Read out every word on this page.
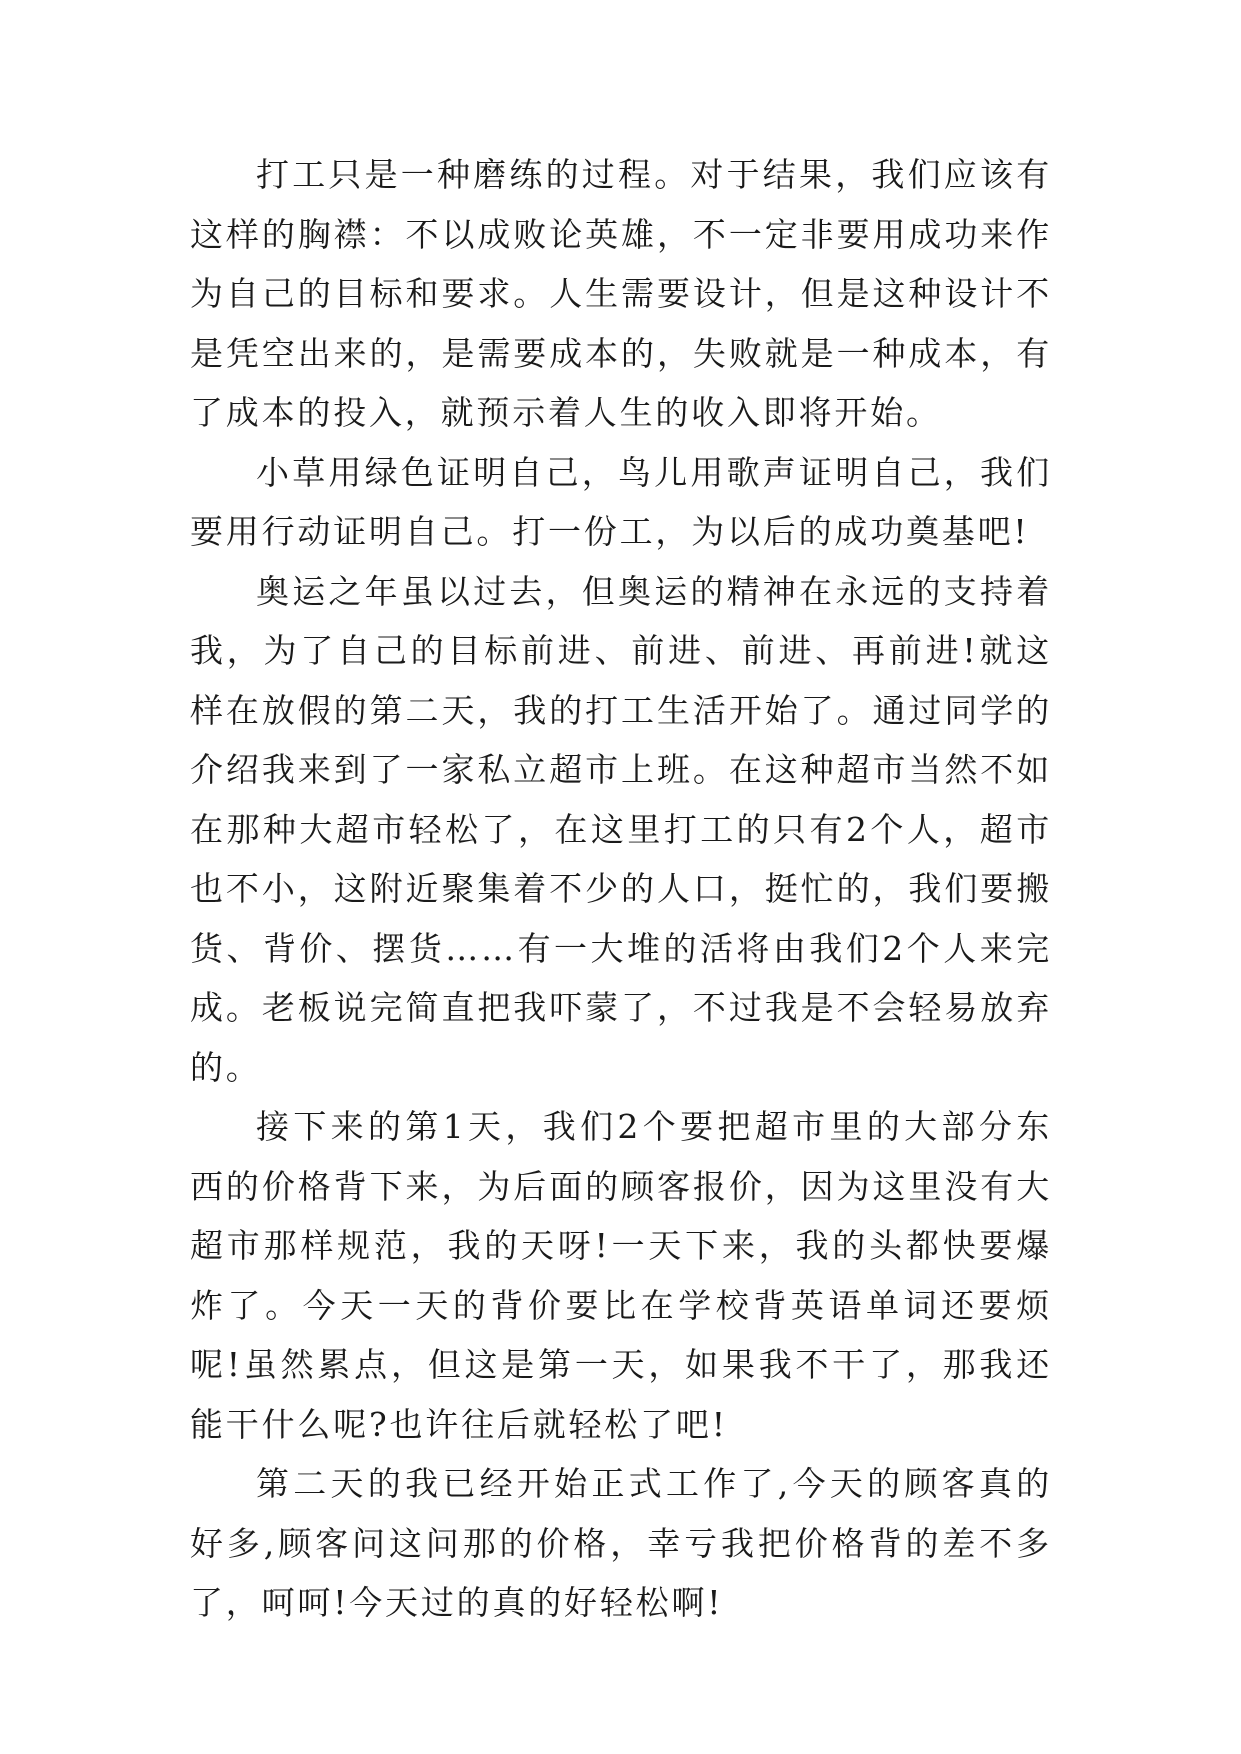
打工只是一种磨练的过程。对于结果，我们应该有这样的胸襟：不以成败论英雄，不一定非要用成功来作为自己的目标和要求。人生需要设计，但是这种设计不是凭空出来的，是需要成本的，失败就是一种成本，有了成本的投入，就预示着人生的收入即将开始。

小草用绿色证明自己，鸟儿用歌声证明自己，我们要用行动证明自己。打一份工，为以后的成功奠基吧!

奥运之年虽以过去，但奥运的精神在永远的支持着我，为了自己的目标前进、前进、前进、再前进!就这样在放假的第二天，我的打工生活开始了。通过同学的介绍我来到了一家私立超市上班。在这种超市当然不如在那种大超市轻松了，在这里打工的只有2个人，超市也不小，这附近聚集着不少的人口，挺忙的，我们要搬货、背价、摆货……有一大堆的活将由我们2个人来完成。老板说完简直把我吓蒙了，不过我是不会轻易放弃的。

接下来的第1天，我们2个要把超市里的大部分东西的价格背下来，为后面的顾客报价，因为这里没有大超市那样规范，我的天呀!一天下来，我的头都快要爆炸了。今天一天的背价要比在学校背英语单词还要烦呢!虽然累点，但这是第一天，如果我不干了，那我还能干什么呢?也许往后就轻松了吧!

第二天的我已经开始正式工作了,今天的顾客真的好多,顾客问这问那的价格，幸亏我把价格背的差不多了，呵呵!今天过的真的好轻松啊!
